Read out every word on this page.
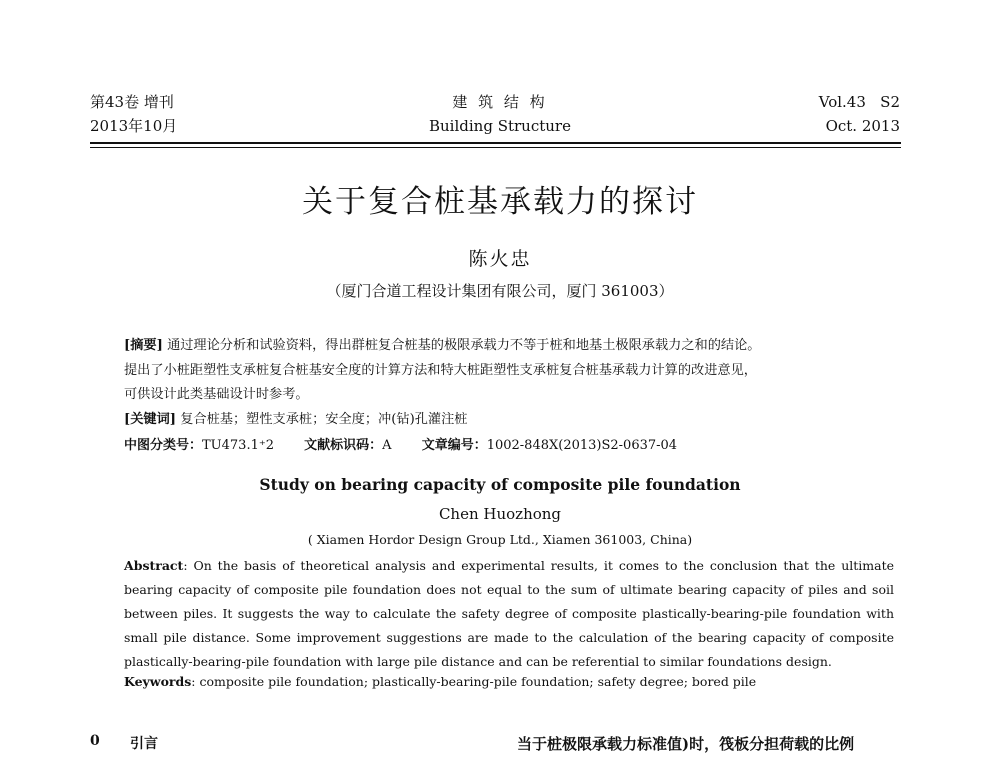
第43卷 增刊
2013年10月
建 筑 结 构
Building Structure
Vol.43   S2
Oct. 2013
关于复合桩基承载力的探讨
陈火忠
（厦门合道工程设计集团有限公司，厦门 361003）
[摘要] 通过理论分析和试验资料，得出群桩复合桩基的极限承载力不等于桩和地基土极限承载力之和的结论。
提出了小桩距塑性支承桩复合桩基安全度的计算方法和特大桩距塑性支承桩复合桩基承载力计算的改进意见，
可供设计此类基础设计时参考。
[关键词] 复合桩基；塑性支承桩；安全度；冲(钻)孔灌注桩
中图分类号：TU473.1⁺2 文献标识码：A 文章编号：1002-848X(2013)S2-0637-04
Study on bearing capacity of composite pile foundation
Chen Huozhong
( Xiamen Hordor Design Group Ltd., Xiamen 361003, China)
Abstract: On the basis of theoretical analysis and experimental results, it comes to the conclusion that the ultimate bearing capacity of composite pile foundation does not equal to the sum of ultimate bearing capacity of piles and soil between piles. It suggests the way to calculate the safety degree of composite plastically-bearing-pile foundation with small pile distance. Some improvement suggestions are made to the calculation of the bearing capacity of composite plastically-bearing-pile foundation with large pile distance and can be referential to similar foundations design.
Keywords: composite pile foundation; plastically-bearing-pile foundation; safety degree; bored pile
0 引言	当于桩极限承载力标准值)时，筏板分担荷载的比例
